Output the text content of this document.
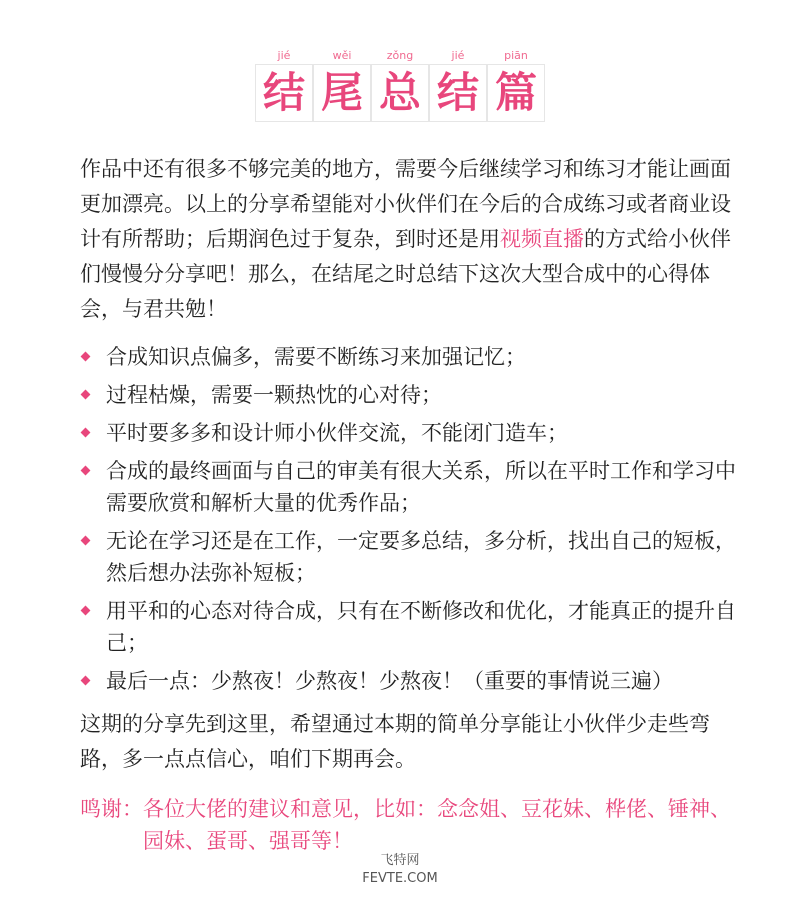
jié
结
wěi
尾
zǒng
总
jié
结
piān
篇

作品中还有很多不够完美的地方，需要今后继续学习和练习才能让画面更加漂亮。以上的分享希望能对小伙伴们在今后的合成练习或者商业设计有所帮助；后期润色过于复杂，到时还是用视频直播的方式给小伙伴们慢慢分分享吧！那么，在结尾之时总结下这次大型合成中的心得体会，与君共勉！

合成知识点偏多，需要不断练习来加强记忆；
过程枯燥，需要一颗热忱的心对待；
平时要多多和设计师小伙伴交流，不能闭门造车；
合成的最终画面与自己的审美有很大关系，所以在平时工作和学习中需要欣赏和解析大量的优秀作品；
无论在学习还是在工作，一定要多总结，多分析，找出自己的短板，然后想办法弥补短板；
用平和的心态对待合成，只有在不断修改和优化，才能真正的提升自己；
最后一点：少熬夜！少熬夜！少熬夜！（重要的事情说三遍）

这期的分享先到这里，希望通过本期的简单分享能让小伙伴少走些弯路，多一点点信心，咱们下期再会。

鸣谢： 各位大佬的建议和意见，比如：念念姐、豆花妹、桦佬、锤神、园妹、蛋哥、强哥等！
飞特网
FEVTE.COM
